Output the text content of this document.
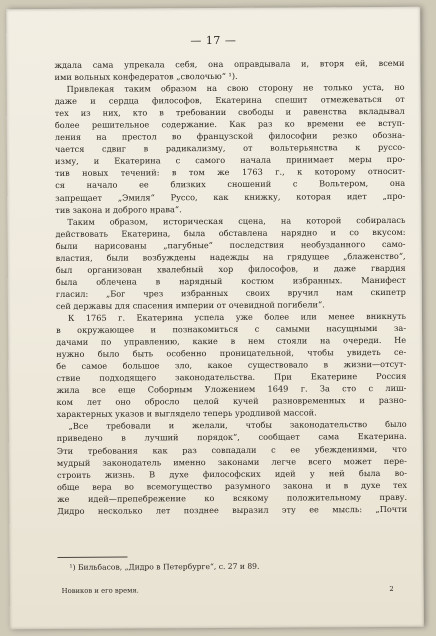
— 17 —
ждала сама упрекала себя, она оправдывала и, вторя ей, всеми
ими вольных конфедератов „сволочью“ ¹).
Привлекая таким образом на свою сторону не только уста, но
даже и сердца философов, Екатерина спешит отмежеваться от
тех из них, кто в требовании свободы и равенства вкладывал
более решительное содержание. Как раз ко времени ее вступ-
ления на престол во французской философии резко обозна-
чается сдвиг в радикализму, от вольтерьянства к руссо-
изму, и Екатерина с самого начала принимает меры про-
тив новых течений: в том же 1763 г., к которому относит-
ся начало ее близких сношений с Вольтером, она
запрещает „Эмиля“ Руссо, как книжку, которая идет „про-
тив закона и доброго нрава“.
Таким образом, историческая сцена, на которой собиралась
действовать Екатерина, была обставлена нарядно и со вкусом:
были нарисованы „пагубные“ последствия необузданного само-
властия, были возбуждены надежды на грядущее „блаженство“,
был организован хвалебный хор философов, и даже гвардия
была облечена в нарядный костюм избранных. Манифест
гласил: „Бог чрез избранных своих вручил нам скипетр
сей державы для спасения империи от очевидной погибели“.
К 1765 г. Екатерина успела уже более или менее вникнуть
в окружающее и познакомиться с самыми насущными за-
дачами по управлению, какие в нем стояли на очереди. Не
нужно было быть особенно проницательной, чтобы увидеть се-
бе самое большое зло, какое существовало в жизни—отсут-
ствие подходящего законодательства. При Екатерине Россия
жила все еще Соборным Уложением 1649 г. За сто с лиш-
ком лет оно обросло целой кучей разновременных и разно-
характерных указов и выглядело теперь уродливой массой.
„Все требовали и желали, чтобы законодательство было
приведено в лучший порядок“, сообщает сама Екатерина.
Эти требования как раз совпадали с ее убеждениями, что
мудрый законодатель именно законами легче всего может пере-
строить жизнь. В духе философских идей у ней была во-
обще вера во всемогущество разумного закона и в духе тех
же идей—препебрежение ко всякому положительному праву.
Дидро несколько лет позднее выразил эту ее мысль: „Почти
¹) Бильбасов, „Дидро в Петербурге“, с. 27 и 89.
Новиков и его время.	2
